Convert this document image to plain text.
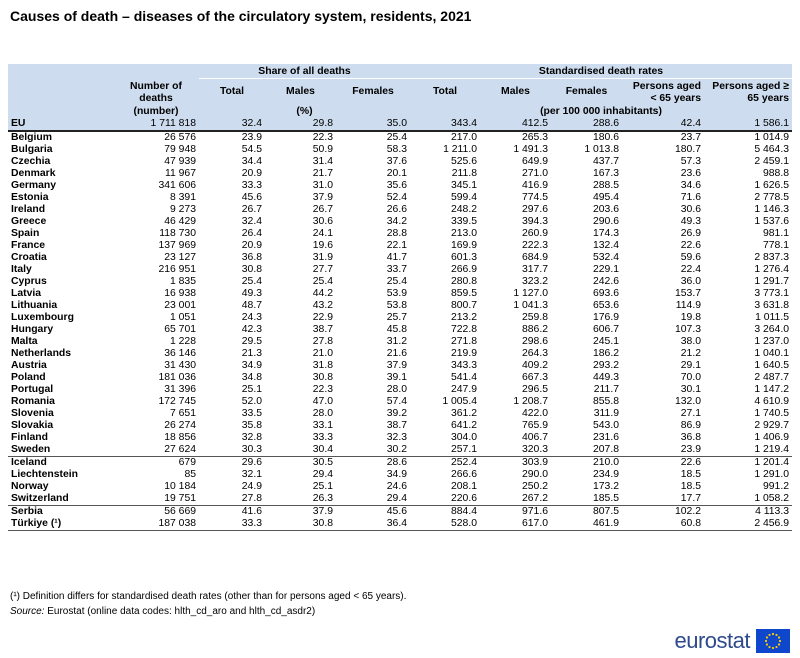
Causes of death – diseases of the circulatory system, residents, 2021
	Number of deaths	Share of all deaths			Standardised death rates				
		Total	Males	Females	Total	Males	Females	Persons aged < 65 years	Persons aged ≥ 65 years
	(number)	(%)			(per 100 000 inhabitants)				
EU	1 711 818	32.4	29.8	35.0	343.4	412.5	288.6	42.4	1 586.1
Belgium	26 576	23.9	22.3	25.4	217.0	265.3	180.6	23.7	1 014.9
Bulgaria	79 948	54.5	50.9	58.3	1 211.0	1 491.3	1 013.8	180.7	5 464.3
Czechia	47 939	34.4	31.4	37.6	525.6	649.9	437.7	57.3	2 459.1
Denmark	11 967	20.9	21.7	20.1	211.8	271.0	167.3	23.6	988.8
Germany	341 606	33.3	31.0	35.6	345.1	416.9	288.5	34.6	1 626.5
Estonia	8 391	45.6	37.9	52.4	599.4	774.5	495.4	71.6	2 778.5
Ireland	9 273	26.7	26.7	26.6	248.2	297.6	203.6	30.6	1 146.3
Greece	46 429	32.4	30.6	34.2	339.5	394.3	290.6	49.3	1 537.6
Spain	118 730	26.4	24.1	28.8	213.0	260.9	174.3	26.9	981.1
France	137 969	20.9	19.6	22.1	169.9	222.3	132.4	22.6	778.1
Croatia	23 127	36.8	31.9	41.7	601.3	684.9	532.4	59.6	2 837.3
Italy	216 951	30.8	27.7	33.7	266.9	317.7	229.1	22.4	1 276.4
Cyprus	1 835	25.4	25.4	25.4	280.8	323.2	242.6	36.0	1 291.7
Latvia	16 938	49.3	44.2	53.9	859.5	1 127.0	693.6	153.7	3 773.1
Lithuania	23 001	48.7	43.2	53.8	800.7	1 041.3	653.6	114.9	3 631.8
Luxembourg	1 051	24.3	22.9	25.7	213.2	259.8	176.9	19.8	1 011.5
Hungary	65 701	42.3	38.7	45.8	722.8	886.2	606.7	107.3	3 264.0
Malta	1 228	29.5	27.8	31.2	271.8	298.6	245.1	38.0	1 237.0
Netherlands	36 146	21.3	21.0	21.6	219.9	264.3	186.2	21.2	1 040.1
Austria	31 430	34.9	31.8	37.9	343.3	409.2	293.2	29.1	1 640.5
Poland	181 036	34.8	30.8	39.1	541.4	667.3	449.3	70.0	2 487.7
Portugal	31 396	25.1	22.3	28.0	247.9	296.5	211.7	30.1	1 147.2
Romania	172 745	52.0	47.0	57.4	1 005.4	1 208.7	855.8	132.0	4 610.9
Slovenia	7 651	33.5	28.0	39.2	361.2	422.0	311.9	27.1	1 740.5
Slovakia	26 274	35.8	33.1	38.7	641.2	765.9	543.0	86.9	2 929.7
Finland	18 856	32.8	33.3	32.3	304.0	406.7	231.6	36.8	1 406.9
Sweden	27 624	30.3	30.4	30.2	257.1	320.3	207.8	23.9	1 219.4
Iceland	679	29.6	30.5	28.6	252.4	303.9	210.0	22.6	1 201.4
Liechtenstein	85	32.1	29.4	34.9	266.6	290.0	234.9	18.5	1 291.0
Norway	10 184	24.9	25.1	24.6	208.1	250.2	173.2	18.5	991.2
Switzerland	19 751	27.8	26.3	29.4	220.6	267.2	185.5	17.7	1 058.2
Serbia	56 669	41.6	37.9	45.6	884.4	971.6	807.5	102.2	4 113.3
Türkiye (¹)	187 038	33.3	30.8	36.4	528.0	617.0	461.9	60.8	2 456.9
(¹) Definition differs for standardised death rates (other than for persons aged < 65 years).
Source: Eurostat (online data codes: hlth_cd_aro and hlth_cd_asdr2)
eurostat
